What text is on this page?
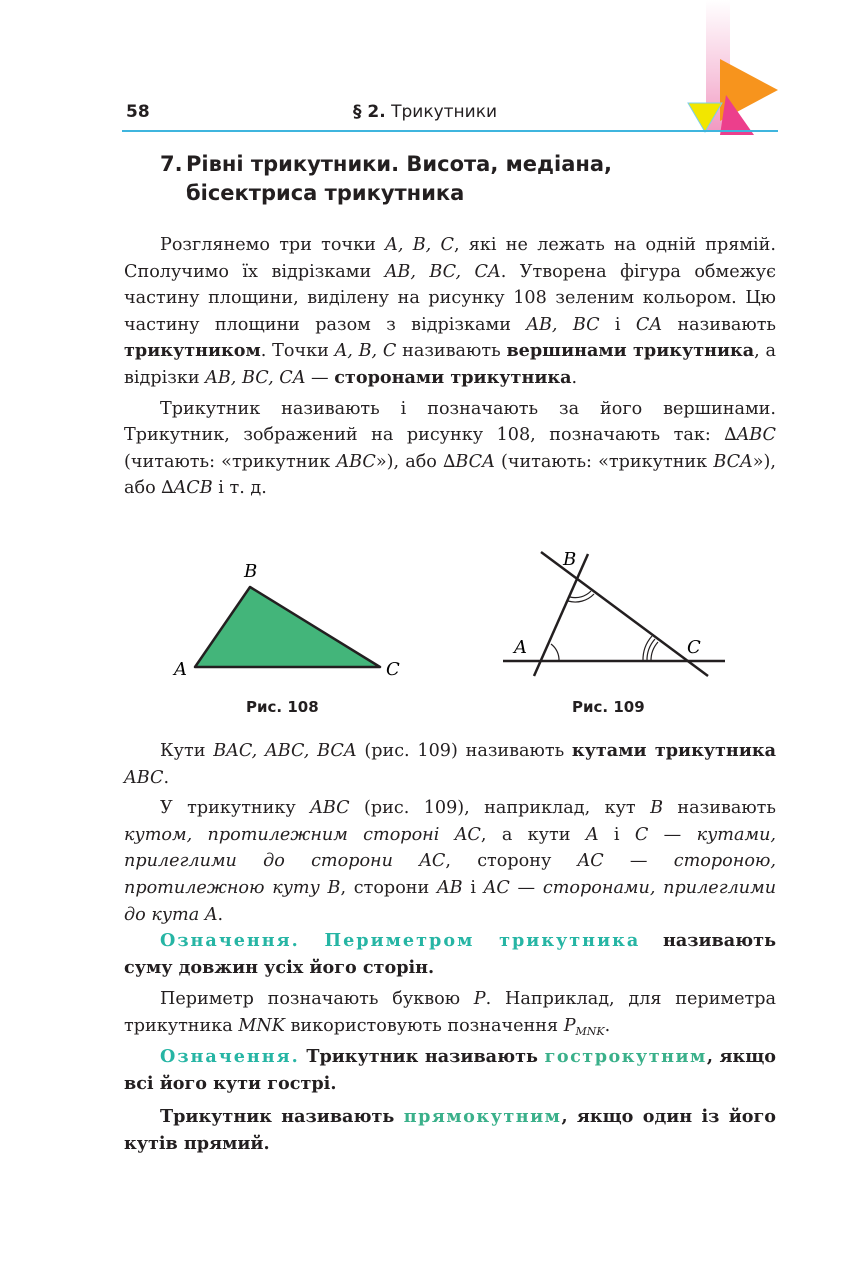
58	§ 2. Трикутники
7. Рівні трикутники. Висота, медіана,
бісектриса трикутника

Розглянемо три точки A, B, C, які не лежать на одній прямій. Сполучимо їх відрізками AB, BC, CA. Утворена фігура обмежує частину площини, виділену на рисунку 108 зеленим кольором. Цю частину площини разом з відрізками AB, BC і CA називають трикутником. Точки A, B, C називають вершинами трикутника, а відрізки AB, BC, CA — сторонами трикутника.

Трикутник називають і позначають за його вершинами. Трикутник, зображений на рисунку 108, позначають так: ∆ABC (читають: «трикутник ABC»), або ∆BCA (читають: «трикутник BCA»), або ∆ACB і т. д.

B
A	C
Рис. 108
B
A	C
Рис. 109

Кути BAC, ABC, BCA (рис. 109) називають кутами трикутника ABC.

У трикутнику ABC (рис. 109), наприклад, кут B називають кутом, протилежним стороні AC, а кути A і C — кутами, прилеглими до сторони AC, сторону AC — стороною, протилежною куту B, сторони AB і AC — сторонами, прилеглими до кута A.

Означення. Периметром трикутника називають суму довжин усіх його сторін.

Периметр позначають буквою P. Наприклад, для периметра трикутника MNK використовують позначення $P_{MNK}$.

Означення. Трикутник називають гострокутним, якщо всі його кути гострі.

Трикутник називають прямокутним, якщо один із його кутів прямий.
